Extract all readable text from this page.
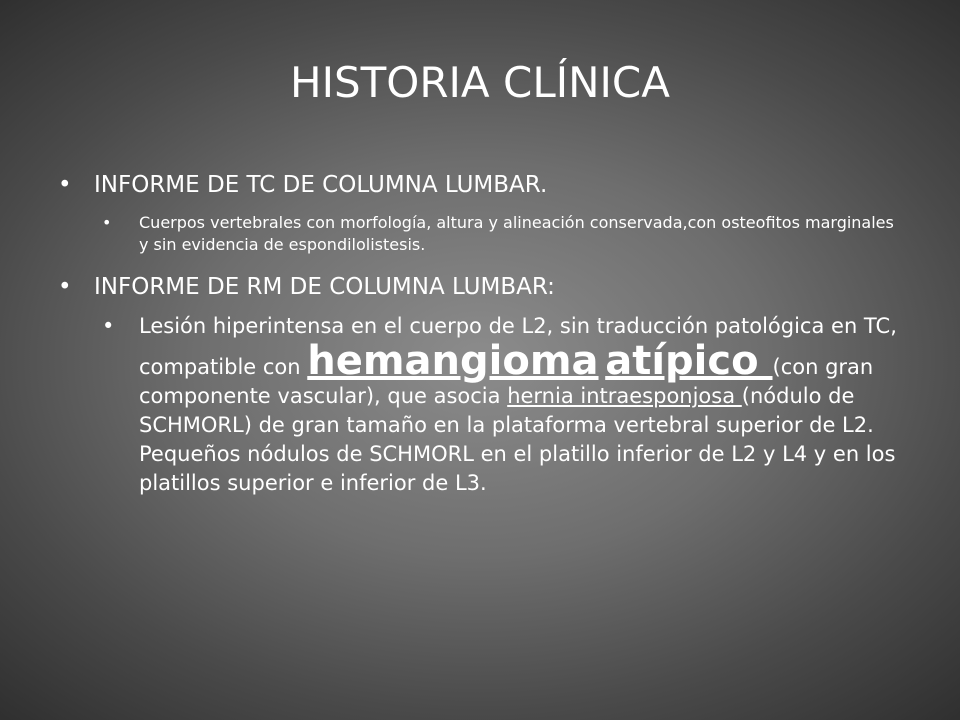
HISTORIA CLÍNICA
• INFORME DE TC DE COLUMNA LUMBAR.
• Cuerpos vertebrales con morfología, altura y alineación conservada,con osteofitos marginales y sin evidencia de espondilolistesis.
• INFORME DE RM DE COLUMNA LUMBAR:
• Lesión hiperintensa en el cuerpo de L2, sin traducción patológica en TC, compatible con hemangioma atípico (con gran componente vascular), que asocia hernia intraesponjosa (nódulo de SCHMORL) de gran tamaño en la plataforma vertebral superior de L2. Pequeños nódulos de SCHMORL en el platillo inferior de L2 y L4 y en los platillos superior e inferior de L3.
